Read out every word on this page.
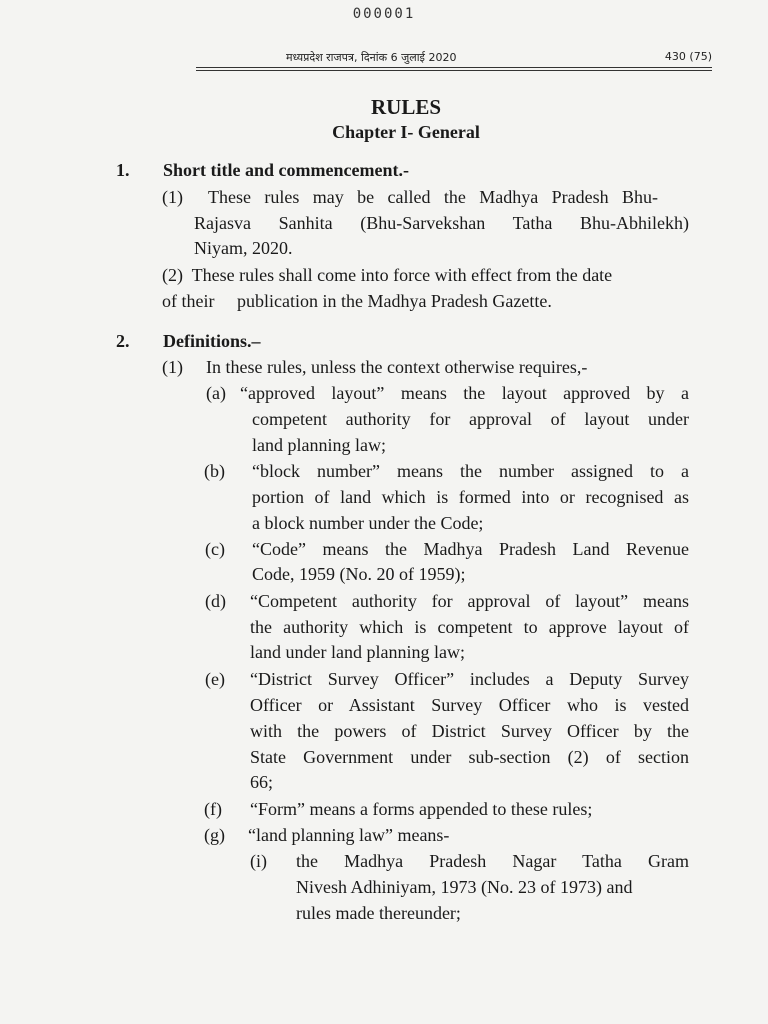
000001
मध्यप्रदेश राजपत्र, दिनांक 6 जुलाई 2020	430 (75)
RULES
Chapter I- General
1. Short title and commencement.-
(1) These rules may be called the Madhya Pradesh Bhu-
Rajasva Sanhita (Bhu-Sarvekshan Tatha Bhu-Abhilekh)
Niyam, 2020.
(2)  These rules shall come into force with effect from the date
of their     publication in the Madhya Pradesh Gazette.
2. Definitions.–
(1) In these rules, unless the context otherwise requires,-
(a) “approved layout” means the layout approved by a
competent authority for approval of layout under
land planning law;
(b) “block number” means the number assigned to a
portion of land which is formed into or recognised as
a block number under the Code;
(c) “Code” means the Madhya Pradesh Land Revenue
Code, 1959 (No. 20 of 1959);
(d) “Competent authority for approval of layout” means
the authority which is competent to approve layout of
land under land planning law;
(e) “District Survey Officer” includes a Deputy Survey
Officer or Assistant Survey Officer who is vested
with the powers of District Survey Officer by the
State Government under sub-section (2) of section
66;
(f) “Form” means a forms appended to these rules;
(g) “land planning law” means-
(i) the Madhya Pradesh Nagar Tatha Gram
Nivesh Adhiniyam, 1973 (No. 23 of 1973) and
rules made thereunder;
